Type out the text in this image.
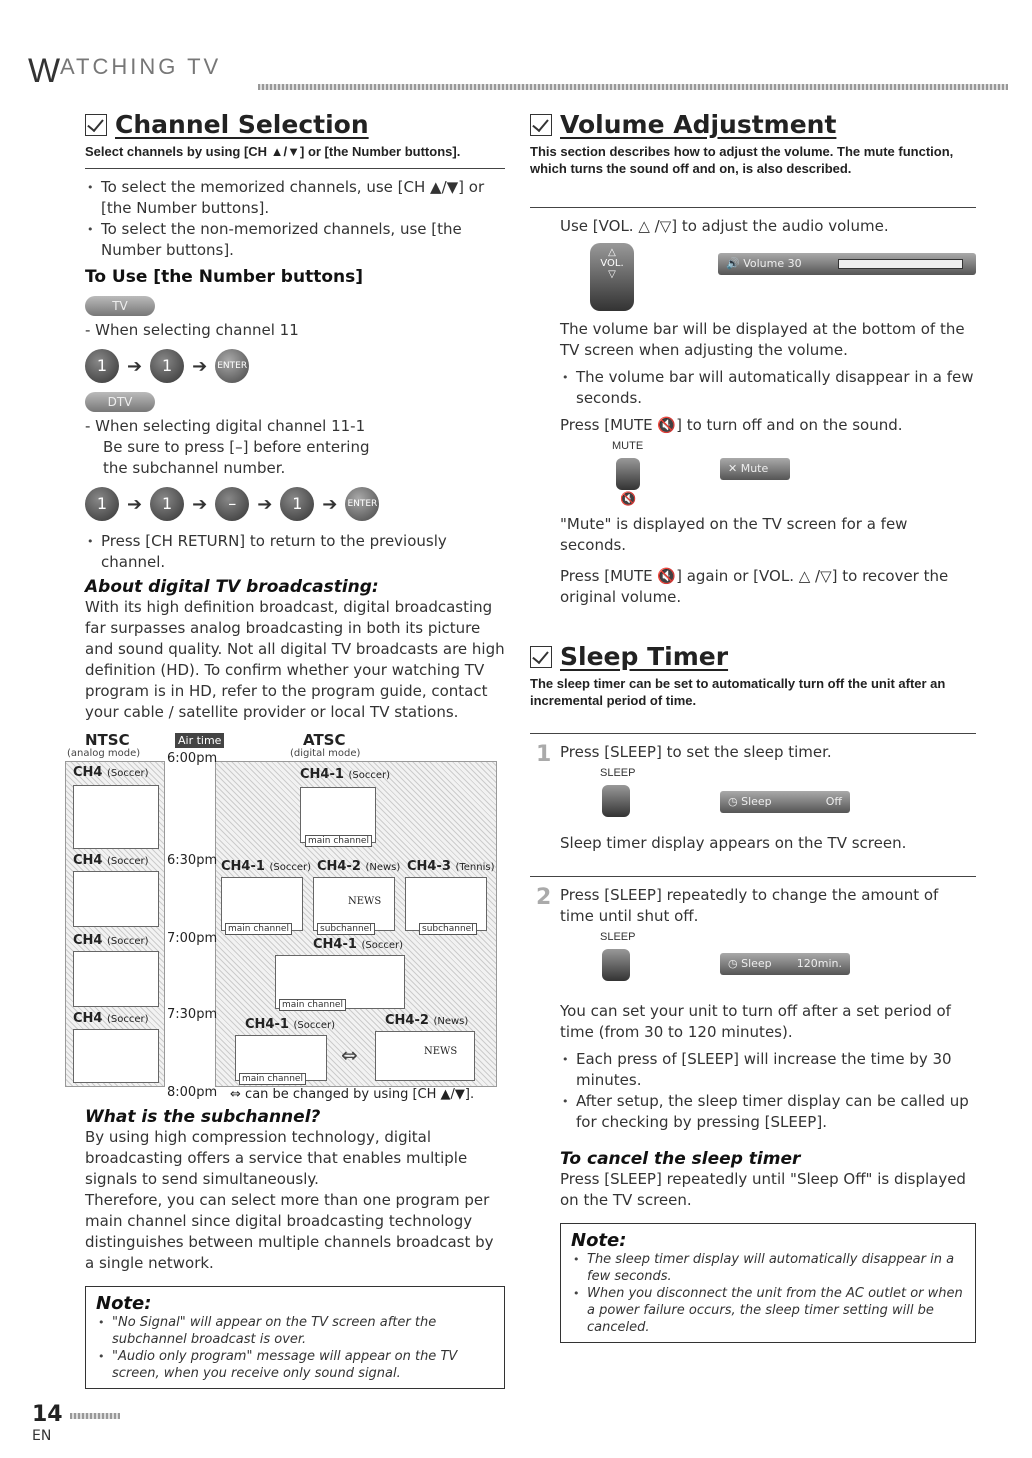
W ATCHING TV
Channel Selection
Select channels by using [CH ▲/▼] or [the Number buttons].
• To select the memorized channels, use [CH ▲/▼] or [the Number buttons].
• To select the non-memorized channels, use [the Number buttons].
To Use [the Number buttons]
TV

- When selecting channel 11

1 ➔ 1 ➔ ENTER
DTV

- When selecting digital channel 11-1

Be sure to press [–] before entering

the subchannel number.

1 ➔ 1 ➔ – ➔ 1 ➔ ENTER
• Press [CH RETURN] to return to the previously channel.
About digital TV broadcasting:

With its high definition broadcast, digital broadcasting far surpasses analog broadcasting in both its picture and sound quality. Not all digital TV broadcasts are high definition (HD). To confirm whether your watching TV program is in HD, refer to the program guide, contact your cable / satellite provider or local TV stations.

NTSC
(analog mode)
Air time	ATSC
(digital mode)
6:00pm
6:30pm
7:00pm
7:30pm
8:00pm
CH4 (Soccer)
CH4 (Soccer)
CH4 (Soccer)
CH4 (Soccer)
CH4-1 (Soccer)
main channel
CH4-1 (Soccer) CH4-2 (News) CH4-3 (Tennis)
NEWS
main channel	subchannel	subchannel
CH4-1 (Soccer)
main channel
CH4-1 (Soccer)	CH4-2 (News)
NEWS
main channel
⇔
⇔ can be changed by using [CH ▲/▼].
What is the subchannel?

By using high compression technology, digital broadcasting offers a service that enables multiple signals to send simultaneously.

Therefore, you can select more than one program per main channel since digital broadcasting technology distinguishes between multiple channels broadcast by a single network.

Note:
• "No Signal" will appear on the TV screen after the subchannel broadcast is over.
• "Audio only program" message will appear on the TV screen, when you receive only sound signal.
Volume Adjustment
This section describes how to adjust the volume. The mute function, which turns the sound off and on, is also described.

Use [VOL. △ /▽] to adjust the audio volume.

△
VOL.
▽
🔊 Volume 30

The volume bar will be displayed at the bottom of the TV screen when adjusting the volume.

• The volume bar will automatically disappear in a few seconds.

Press [MUTE 🔇] to turn off and on the sound.

MUTE
🔇
✕ Mute

"Mute" is displayed on the TV screen for a few seconds.

Press [MUTE 🔇] again or [VOL. △ /▽] to recover the original volume.

Sleep Timer
The sleep timer can be set to automatically turn off the unit after an incremental period of time.
1 Press [SLEEP] to set the sleep timer.

SLEEP
◷ Sleep	Off

Sleep timer display appears on the TV screen.

2 Press [SLEEP] repeatedly to change the amount of time until shut off.

SLEEP
◷ Sleep 120min.

You can set your unit to turn off after a set period of time (from 30 to 120 minutes).

• Each press of [SLEEP] will increase the time by 30 minutes.
• After setup, the sleep timer display can be called up for checking by pressing [SLEEP].
To cancel the sleep timer

Press [SLEEP] repeatedly until "Sleep Off" is displayed on the TV screen.

Note:
• The sleep timer display will automatically disappear in a few seconds.
• When you disconnect the unit from the AC outlet or when a power failure occurs, the sleep timer setting will be canceled.
14
EN
